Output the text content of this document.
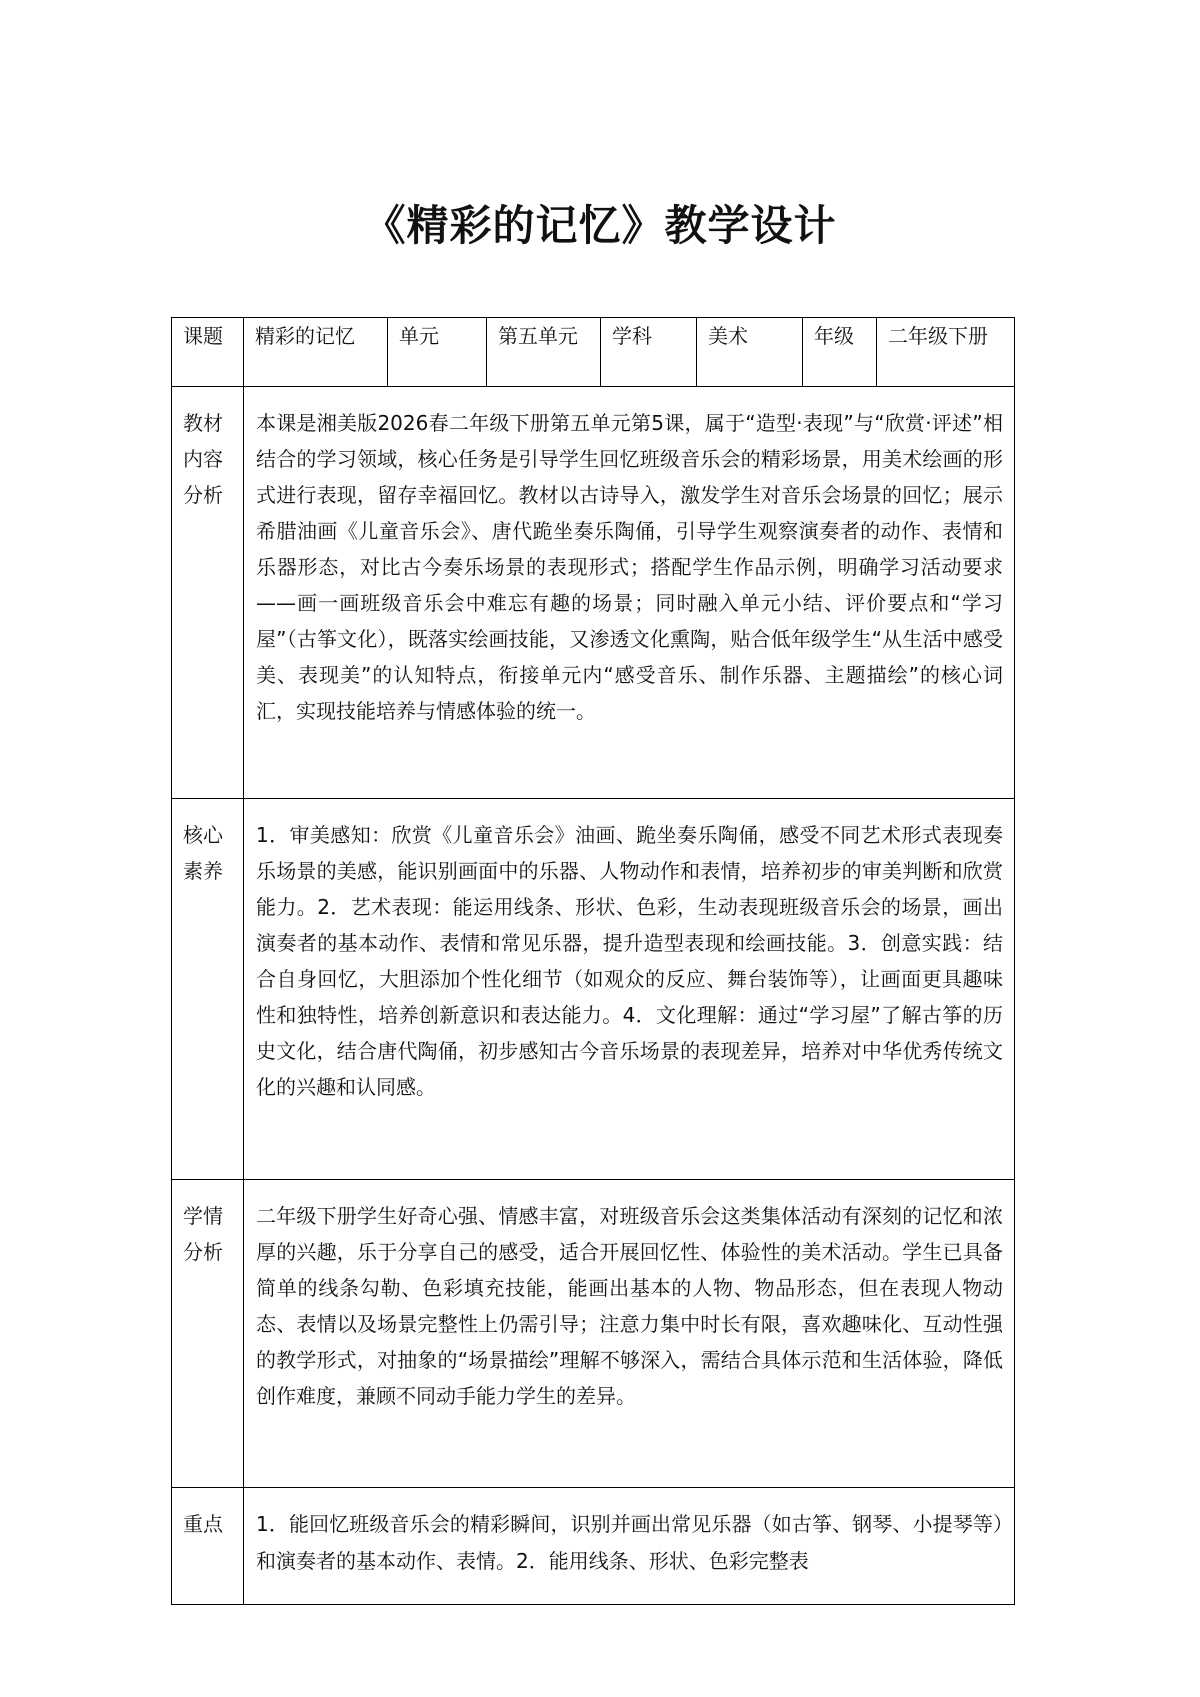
《精彩的记忆》教学设计
课题	精彩的记忆	单元	第五单元	学科	美术	年级	二年级下册
教材内容分析	本课是湘美版2026春二年级下册第五单元第5课，属于“造型·表现”与“欣赏·评述”相结合的学习领域，核心任务是引导学生回忆班级音乐会的精彩场景，用美术绘画的形式进行表现，留存幸福回忆。教材以古诗导入，激发学生对音乐会场景的回忆；展示希腊油画《儿童音乐会》、唐代跪坐奏乐陶俑，引导学生观察演奏者的动作、表情和乐器形态，对比古今奏乐场景的表现形式；搭配学生作品示例，明确学习活动要求——画一画班级音乐会中难忘有趣的场景；同时融入单元小结、评价要点和“学习屋”（古筝文化），既落实绘画技能，又渗透文化熏陶，贴合低年级学生“从生活中感受美、表现美”的认知特点，衔接单元内“感受音乐、制作乐器、主题描绘”的核心词汇，实现技能培养与情感体验的统一。						
核心素养	1．审美感知：欣赏《儿童音乐会》油画、跪坐奏乐陶俑，感受不同艺术形式表现奏乐场景的美感，能识别画面中的乐器、人物动作和表情，培养初步的审美判断和欣赏能力。2．艺术表现：能运用线条、形状、色彩，生动表现班级音乐会的场景，画出演奏者的基本动作、表情和常见乐器，提升造型表现和绘画技能。3．创意实践：结合自身回忆，大胆添加个性化细节（如观众的反应、舞台装饰等），让画面更具趣味性和独特性，培养创新意识和表达能力。4．文化理解：通过“学习屋”了解古筝的历史文化，结合唐代陶俑，初步感知古今音乐场景的表现差异，培养对中华优秀传统文化的兴趣和认同感。						
学情分析	二年级下册学生好奇心强、情感丰富，对班级音乐会这类集体活动有深刻的记忆和浓厚的兴趣，乐于分享自己的感受，适合开展回忆性、体验性的美术活动。学生已具备简单的线条勾勒、色彩填充技能，能画出基本的人物、物品形态，但在表现人物动态、表情以及场景完整性上仍需引导；注意力集中时长有限，喜欢趣味化、互动性强的教学形式，对抽象的“场景描绘”理解不够深入，需结合具体示范和生活体验，降低创作难度，兼顾不同动手能力学生的差异。						
重点	1．能回忆班级音乐会的精彩瞬间，识别并画出常见乐器（如古筝、钢琴、小提琴等）和演奏者的基本动作、表情。2．能用线条、形状、色彩完整表						
